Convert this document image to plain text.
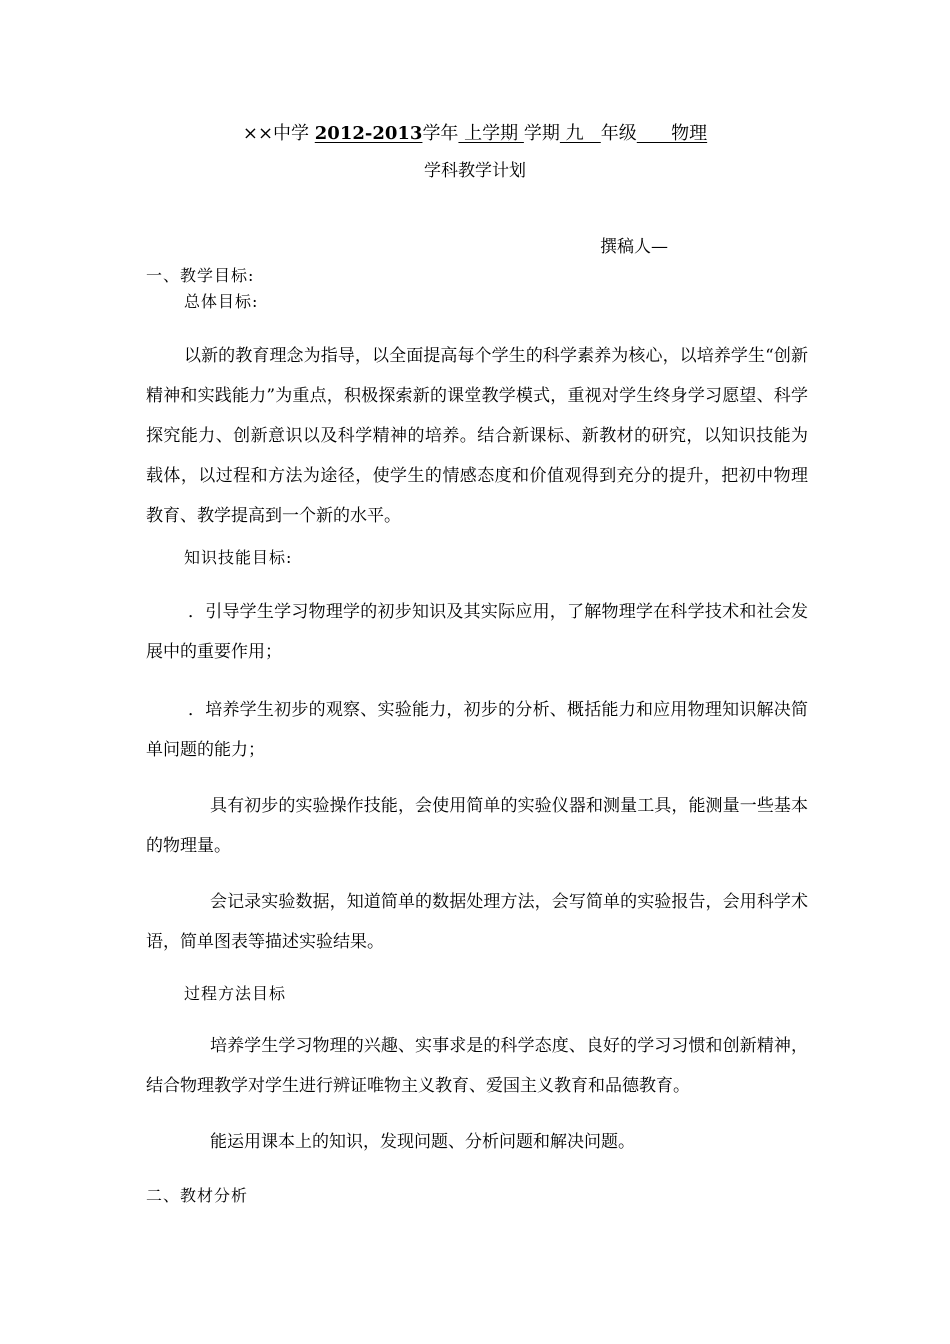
××中学 2012-2013学年 上学期 学期 九   年级      物理
学科教学计划
撰稿人—
一、教学目标:
总体目标:
以新的教育理念为指导，以全面提高每个学生的科学素养为核心，以培养学生“创新精神和实践能力”为重点，积极探索新的课堂教学模式，重视对学生终身学习愿望、科学探究能力、创新意识以及科学精神的培养。结合新课标、新教材的研究，以知识技能为载体，以过程和方法为途径，使学生的情感态度和价值观得到充分的提升，把初中物理教育、教学提高到一个新的水平。
知识技能目标:
．引导学生学习物理学的初步知识及其实际应用，了解物理学在科学技术和社会发展中的重要作用；
．培养学生初步的观察、实验能力，初步的分析、概括能力和应用物理知识解决简单问题的能力；
具有初步的实验操作技能，会使用简单的实验仪器和测量工具，能测量一些基本的物理量。
会记录实验数据，知道简单的数据处理方法，会写简单的实验报告，会用科学术语，简单图表等描述实验结果。
过程方法目标
培养学生学习物理的兴趣、实事求是的科学态度、良好的学习习惯和创新精神，结合物理教学对学生进行辨证唯物主义教育、爱国主义教育和品德教育。
能运用课本上的知识，发现问题、分析问题和解决问题。
二、教材分析
